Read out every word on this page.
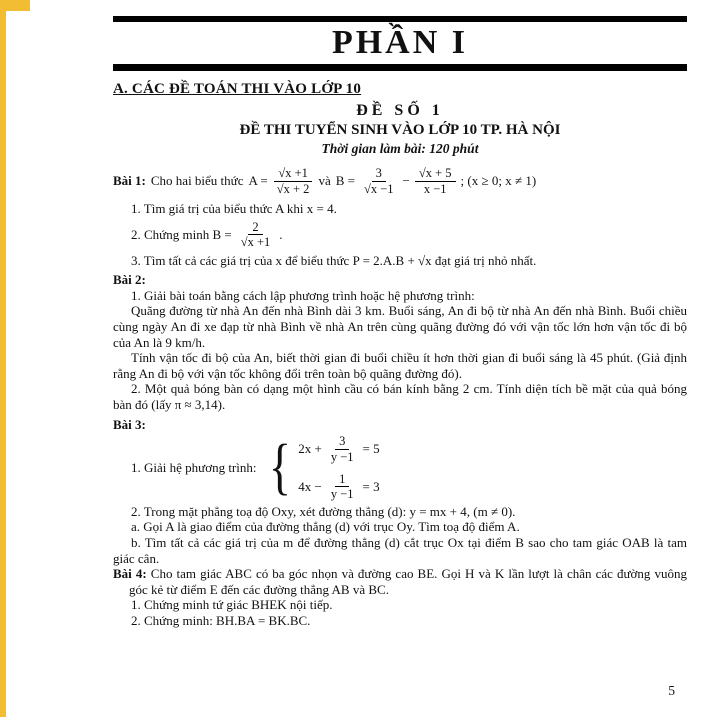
PHẦN I
A. CÁC ĐỀ TOÁN THI VÀO LỚP 10
ĐỀ SỐ 1
ĐỀ THI TUYỂN SINH VÀO LỚP 10 TP. HÀ NỘI
Thời gian làm bài: 120 phút
Bài 1: Cho hai biểu thức $A = \frac{√x +1}{√x + 2}$ và $B = \frac{3}{√x -1} - \frac{√x + 5}{x -1}$ ; (x ≥ 0; x ≠ 1)

1. Tìm giá trị của biểu thức A khi x = 4.

2. Chứng minh $B = \frac{2}{√x +1}$ .

3. Tìm tất cả các giá trị của x để biểu thức P = 2.A.B + √x đạt giá trị nhỏ nhất.

Bài 2:

1. Giải bài toán bằng cách lập phương trình hoặc hệ phương trình:

Quãng đường từ nhà An đến nhà Bình dài 3 km. Buổi sáng, An đi bộ từ nhà An đến nhà Bình. Buổi chiều cùng ngày An đi xe đạp từ nhà Bình về nhà An trên cùng quãng đường đó với vận tốc lớn hơn vận tốc đi bộ của An là 9 km/h.

Tính vận tốc đi bộ của An, biết thời gian đi buổi chiều ít hơn thời gian đi buổi sáng là 45 phút. (Giả định rằng An đi bộ với vận tốc không đổi trên toàn bộ quãng đường đó).

2. Một quả bóng bàn có dạng một hình cầu có bán kính bằng 2 cm. Tính diện tích bề mặt của quả bóng bàn đó (lấy π ≈ 3,14).

Bài 3:

1. Giải hệ phương trình: { $2x + \frac{3}{y -1} = 5$
$4x - \frac{1}{y -1} = 3$

2. Trong mặt phẳng toạ độ Oxy, xét đường thẳng (d): y = mx + 4, (m ≠ 0).

a. Gọi A là giao điểm của đường thẳng (d) với trục Oy. Tìm toạ độ điểm A.

b. Tìm tất cả các giá trị của m để đường thẳng (d) cắt trục Ox tại điểm B sao cho tam giác OAB là tam giác cân.

Bài 4: Cho tam giác ABC có ba góc nhọn và đường cao BE. Gọi H và K lần lượt là chân các đường vuông góc kẻ từ điểm E đến các đường thẳng AB và BC.

1. Chứng minh tứ giác BHEK nội tiếp.

2. Chứng minh: BH.BA = BK.BC.

5
